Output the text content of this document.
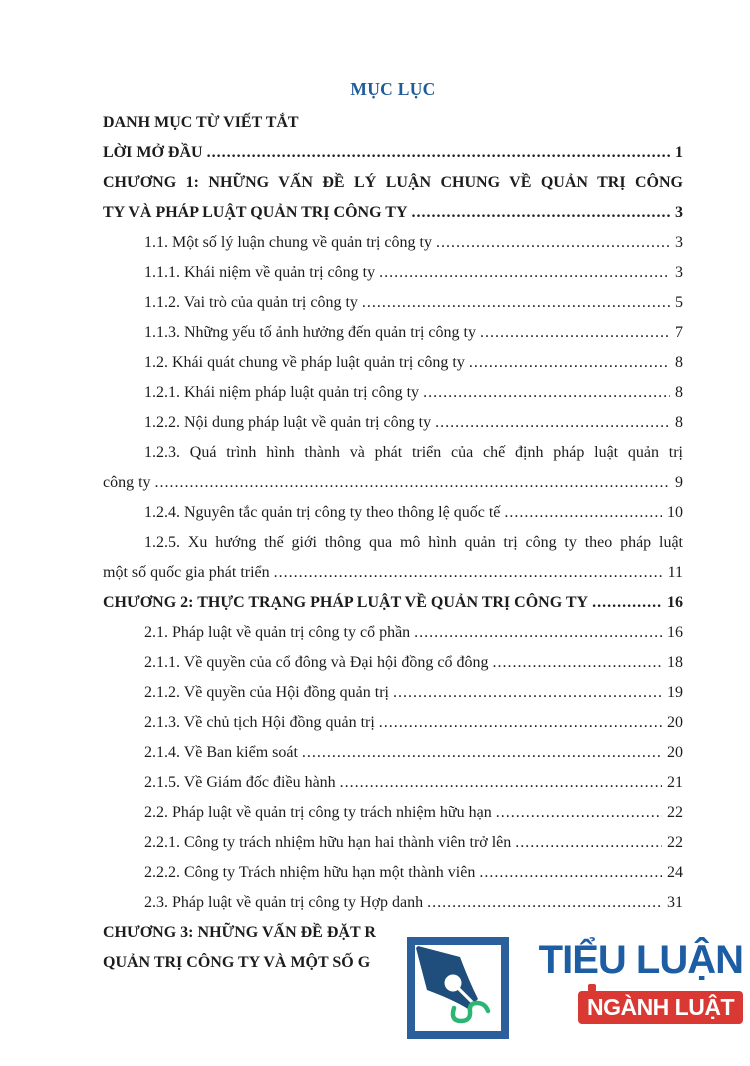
MỤC LỤC
DANH MỤC TỪ VIẾT TẮT
LỜI MỞ ĐẦU .....	1
CHƯƠNG 1: NHỮNG VẤN ĐỀ LÝ LUẬN CHUNG VỀ QUẢN TRỊ CÔNG
TY VÀ PHÁP LUẬT QUẢN TRỊ CÔNG TY .....	3
1.1. Một số lý luận chung về quản trị công ty .....	3
1.1.1. Khái niệm về quản trị công ty .....	3
1.1.2. Vai trò của quản trị công ty .....	5
1.1.3. Những yếu tố ảnh hưởng đến quản trị công ty .....	7
1.2. Khái quát chung về pháp luật quản trị công ty .....	8
1.2.1. Khái niệm pháp luật quản trị công ty .....	8
1.2.2. Nội dung pháp luật về quản trị công ty .....	8
1.2.3. Quá trình hình thành và phát triển của chế định pháp luật quản trị
công ty .....	9
1.2.4. Nguyên tắc quản trị công ty theo thông lệ quốc tế .....	10
1.2.5. Xu hướng thế giới thông qua mô hình quản trị công ty theo pháp luật
một số quốc gia phát triển .....	11
CHƯƠNG 2: THỰC TRẠNG PHÁP LUẬT VỀ QUẢN TRỊ CÔNG TY .....	16
2.1. Pháp luật về quản trị công ty cổ phần .....	16
2.1.1. Về quyền của cổ đông và Đại hội đồng cổ đông .....	18
2.1.2. Về quyền của Hội đồng quản trị .....	19
2.1.3. Về chủ tịch Hội đồng quản trị .....	20
2.1.4. Về Ban kiểm soát .....	20
2.1.5. Về Giám đốc điều hành .....	21
2.2. Pháp luật về quản trị công ty trách nhiệm hữu hạn .....	22
2.2.1. Công ty trách nhiệm hữu hạn hai thành viên trở lên .....	22
2.2.2. Công ty Trách nhiệm hữu hạn một thành viên .....	24
2.3. Pháp luật về quản trị công ty Hợp danh .....	31
CHƯƠNG 3: NHỮNG VẤN ĐỀ ĐẶT R
QUẢN TRỊ CÔNG TY VÀ MỘT SỐ G	TIỂU LUẬN
NGÀNH LUẬT
